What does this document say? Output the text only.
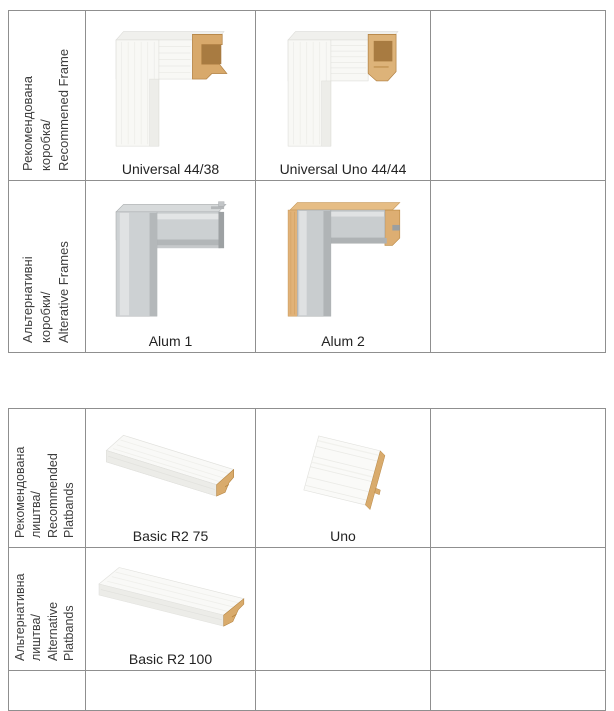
Рекомендована коробка/ Recommened Frame	Universal 44/38	Universal Uno 44/44
Альтернативні коробки/ Alterative Frames	Alum 1	Alum 2
Рекомендована лиштва/ Recommended Platbands	Basic R2 75	Uno
Альтернативна лиштва/ Alternative Platbands	Basic R2 100
